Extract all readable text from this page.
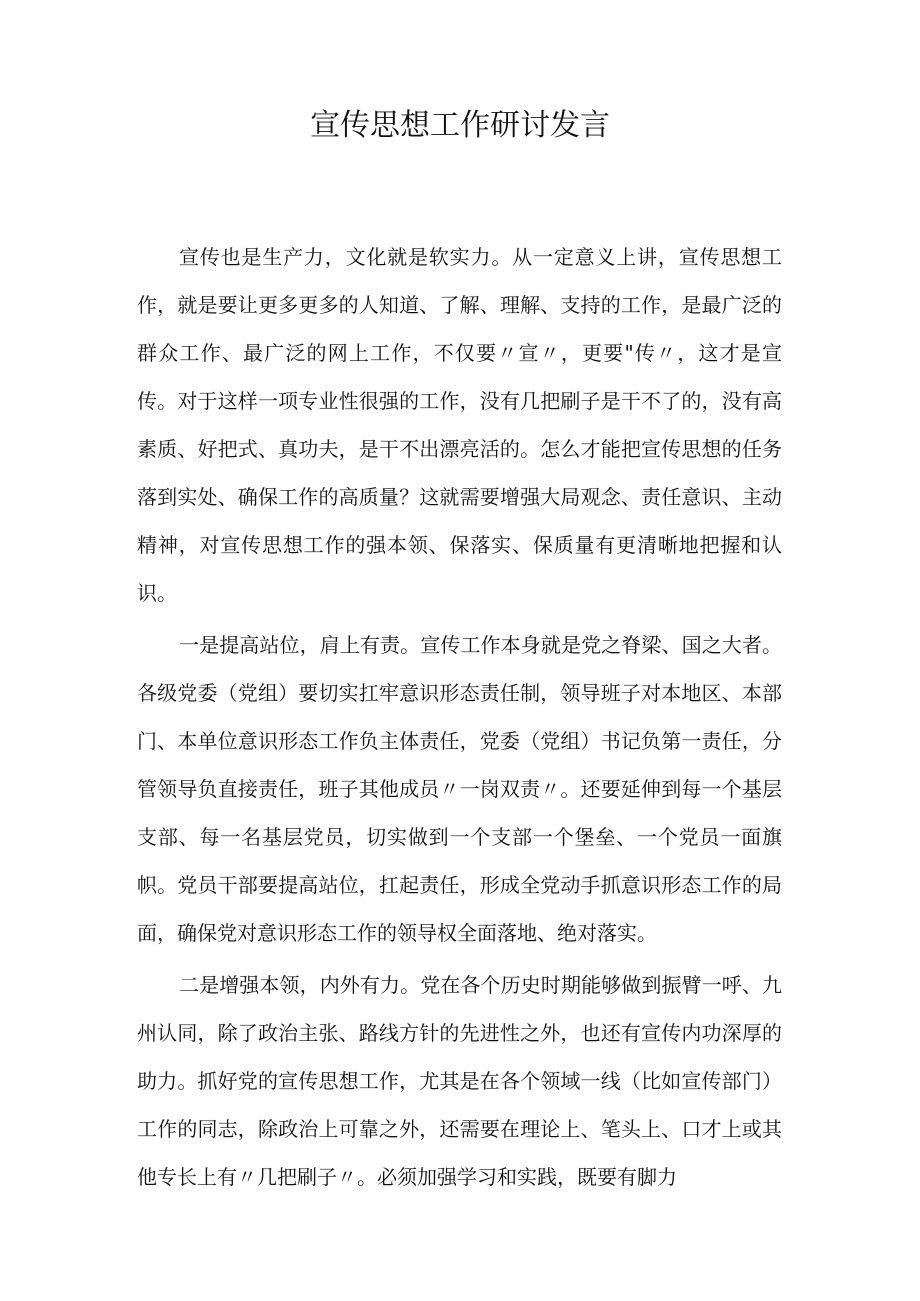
宣传思想工作研讨发言

宣传也是生产力，文化就是软实力。从一定意义上讲，宣传思想工作，就是要让更多更多的人知道、了解、理解、支持的工作，是最广泛的群众工作、最广泛的网上工作，不仅要〃宣〃，更要"传〃，这才是宣传。对于这样一项专业性很强的工作，没有几把刷子是干不了的，没有高素质、好把式、真功夫，是干不出漂亮活的。怎么才能把宣传思想的任务落到实处、确保工作的高质量？这就需要增强大局观念、责任意识、主动精神，对宣传思想工作的强本领、保落实、保质量有更清晰地把握和认识。

一是提高站位，肩上有责。宣传工作本身就是党之脊梁、国之大者。各级党委（党组）要切实扛牢意识形态责任制，领导班子对本地区、本部门、本单位意识形态工作负主体责任，党委（党组）书记负第一责任，分管领导负直接责任，班子其他成员〃一岗双责〃。还要延伸到每一个基层支部、每一名基层党员，切实做到一个支部一个堡垒、一个党员一面旗帜。党员干部要提高站位，扛起责任，形成全党动手抓意识形态工作的局面，确保党对意识形态工作的领导权全面落地、绝对落实。

二是增强本领，内外有力。党在各个历史时期能够做到振臂一呼、九州认同，除了政治主张、路线方针的先进性之外，也还有宣传内功深厚的助力。抓好党的宣传思想工作，尤其是在各个领域一线（比如宣传部门）工作的同志，除政治上可靠之外，还需要在理论上、笔头上、口才上或其他专长上有〃几把刷子〃。必须加强学习和实践，既要有脚力
